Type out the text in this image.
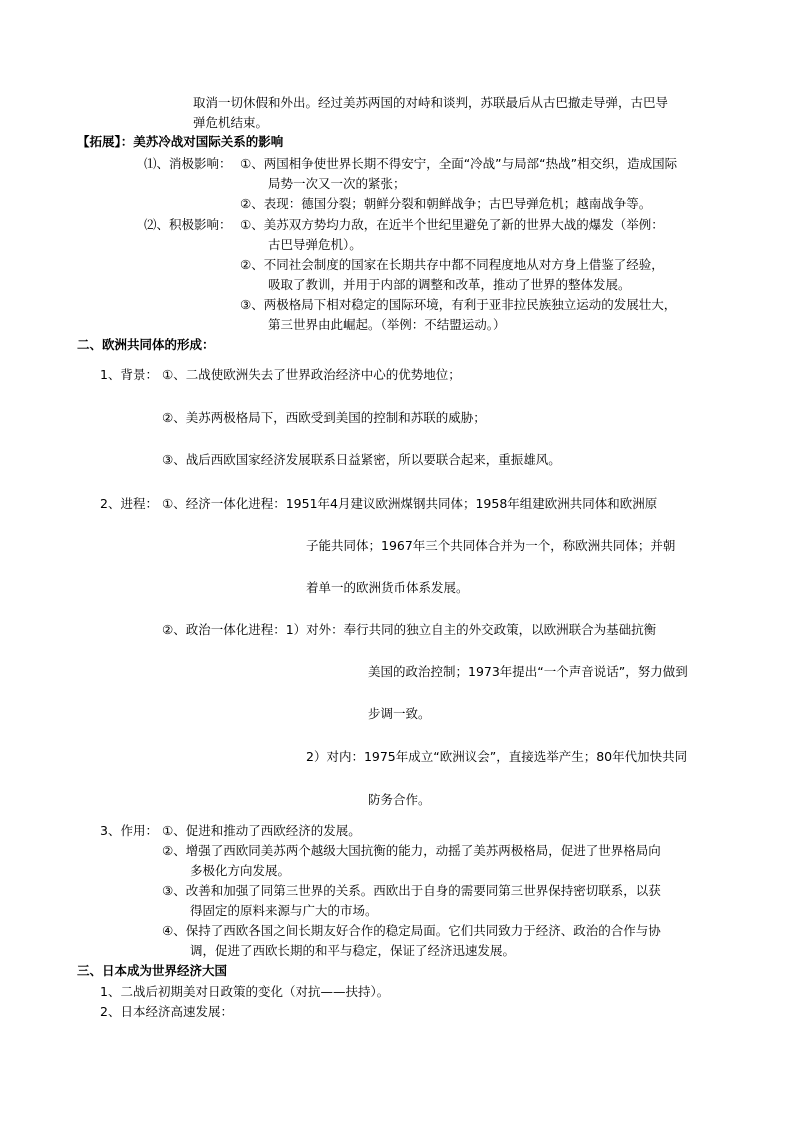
取消一切休假和外出。经过美苏两国的对峙和谈判，苏联最后从古巴撤走导弹，古巴导
弹危机结束。
【拓展】：美苏冷战对国际关系的影响
⑴、消极影响： ①、两国相争使世界长期不得安宁，全面“冷战”与局部“热战”相交织，造成国际
局势一次又一次的紧张；
②、表现：德国分裂；朝鲜分裂和朝鲜战争；古巴导弹危机；越南战争等。
⑵、积极影响： ①、美苏双方势均力敌，在近半个世纪里避免了新的世界大战的爆发（举例：
古巴导弹危机）。
②、不同社会制度的国家在长期共存中都不同程度地从对方身上借鉴了经验，
吸取了教训，并用于内部的调整和改革，推动了世界的整体发展。
③、两极格局下相对稳定的国际环境，有利于亚非拉民族独立运动的发展壮大，
第三世界由此崛起。（举例：不结盟运动。）
二、欧洲共同体的形成：
1、背景： ①、二战使欧洲失去了世界政治经济中心的优势地位；
②、美苏两极格局下，西欧受到美国的控制和苏联的威胁；
③、战后西欧国家经济发展联系日益紧密，所以要联合起来，重振雄风。
2、进程： ①、经济一体化进程：1951年4月建议欧洲煤钢共同体；1958年组建欧洲共同体和欧洲原
子能共同体；1967年三个共同体合并为一个，称欧洲共同体；并朝
着单一的欧洲货币体系发展。
②、政治一体化进程：1）对外：奉行共同的独立自主的外交政策，以欧洲联合为基础抗衡
美国的政治控制；1973年提出“一个声音说话”，努力做到
步调一致。
2）对内：1975年成立“欧洲议会”，直接选举产生；80年代加快共同
防务合作。
3、作用： ①、促进和推动了西欧经济的发展。
②、增强了西欧同美苏两个越级大国抗衡的能力，动摇了美苏两极格局，促进了世界格局向
多极化方向发展。
③、改善和加强了同第三世界的关系。西欧出于自身的需要同第三世界保持密切联系，以获
得固定的原料来源与广大的市场。
④、保持了西欧各国之间长期友好合作的稳定局面。它们共同致力于经济、政治的合作与协
调，促进了西欧长期的和平与稳定，保证了经济迅速发展。
三、日本成为世界经济大国
1、二战后初期美对日政策的变化（对抗——扶持）。
2、日本经济高速发展：
